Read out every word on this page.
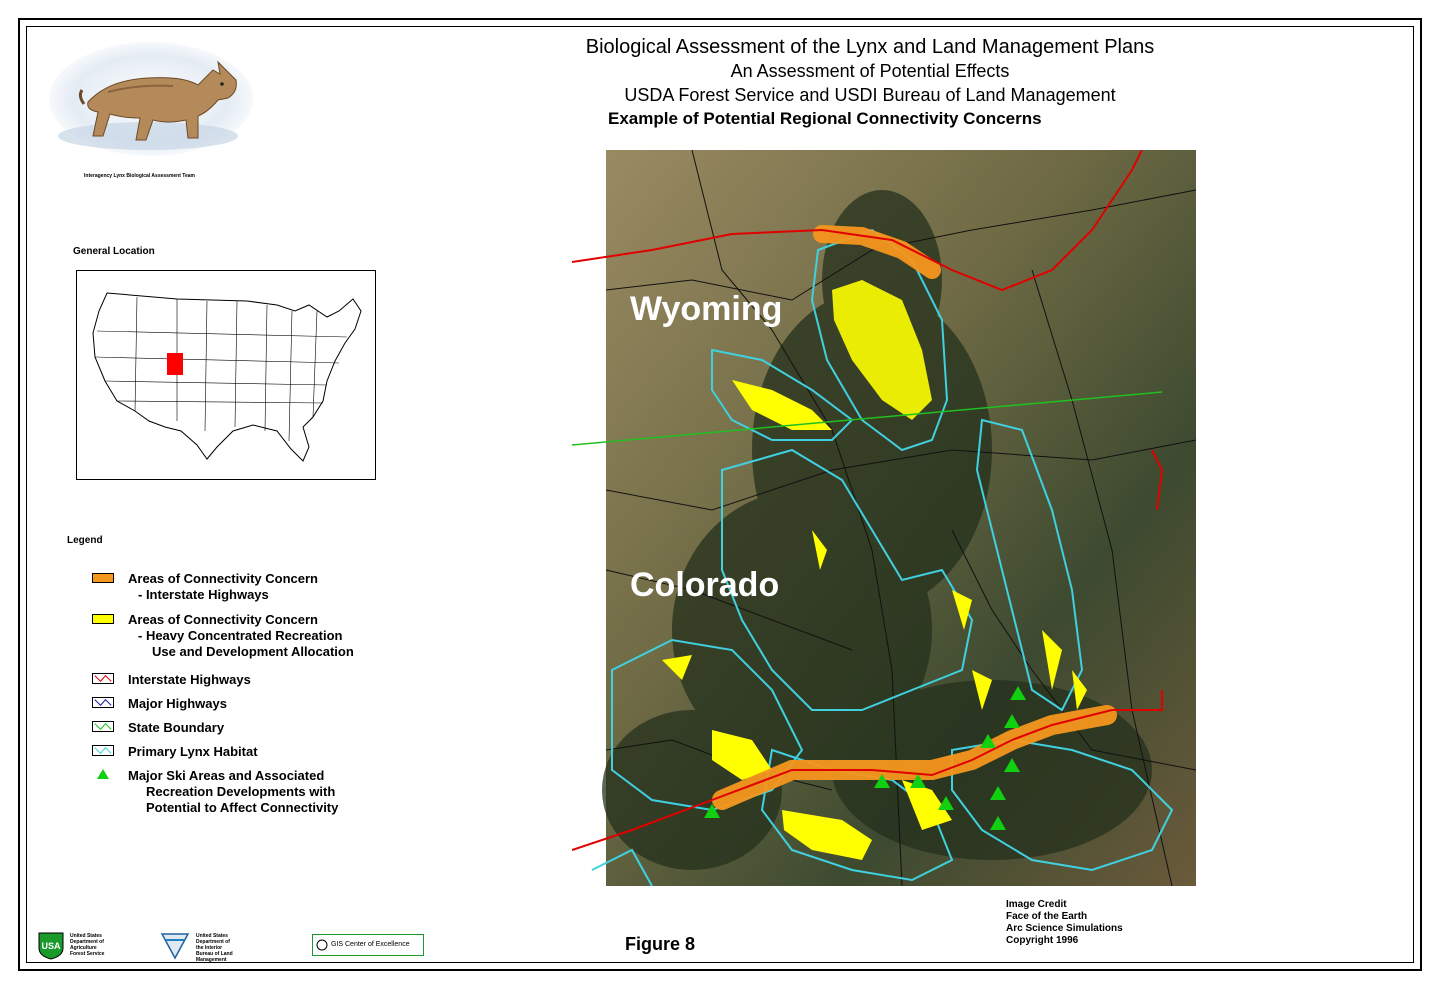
Biological Assessment of the Lynx and Land Management Plans
An Assessment of Potential Effects
USDA Forest Service and USDI Bureau of Land Management
Example of Potential Regional Connectivity Concerns
Interagency Lynx Biological Assessment Team
General Location
Legend
Areas of Connectivity Concern
- Interstate Highways
Areas of Connectivity Concern
- Heavy Concentrated Recreation
Use and Development Allocation
Interstate Highways
Major Highways
State Boundary
Primary Lynx Habitat
Major Ski Areas and Associated
Recreation Developments with
Potential to Affect Connectivity
Wyoming
Colorado
Figure 8
Image Credit
Face of the Earth
Arc Science Simulations
Copyright 1996
USA
United States
Department of
Agriculture
Forest Service
United States
Department of
the Interior
Bureau of Land
Management
GIS Center of Excellence
